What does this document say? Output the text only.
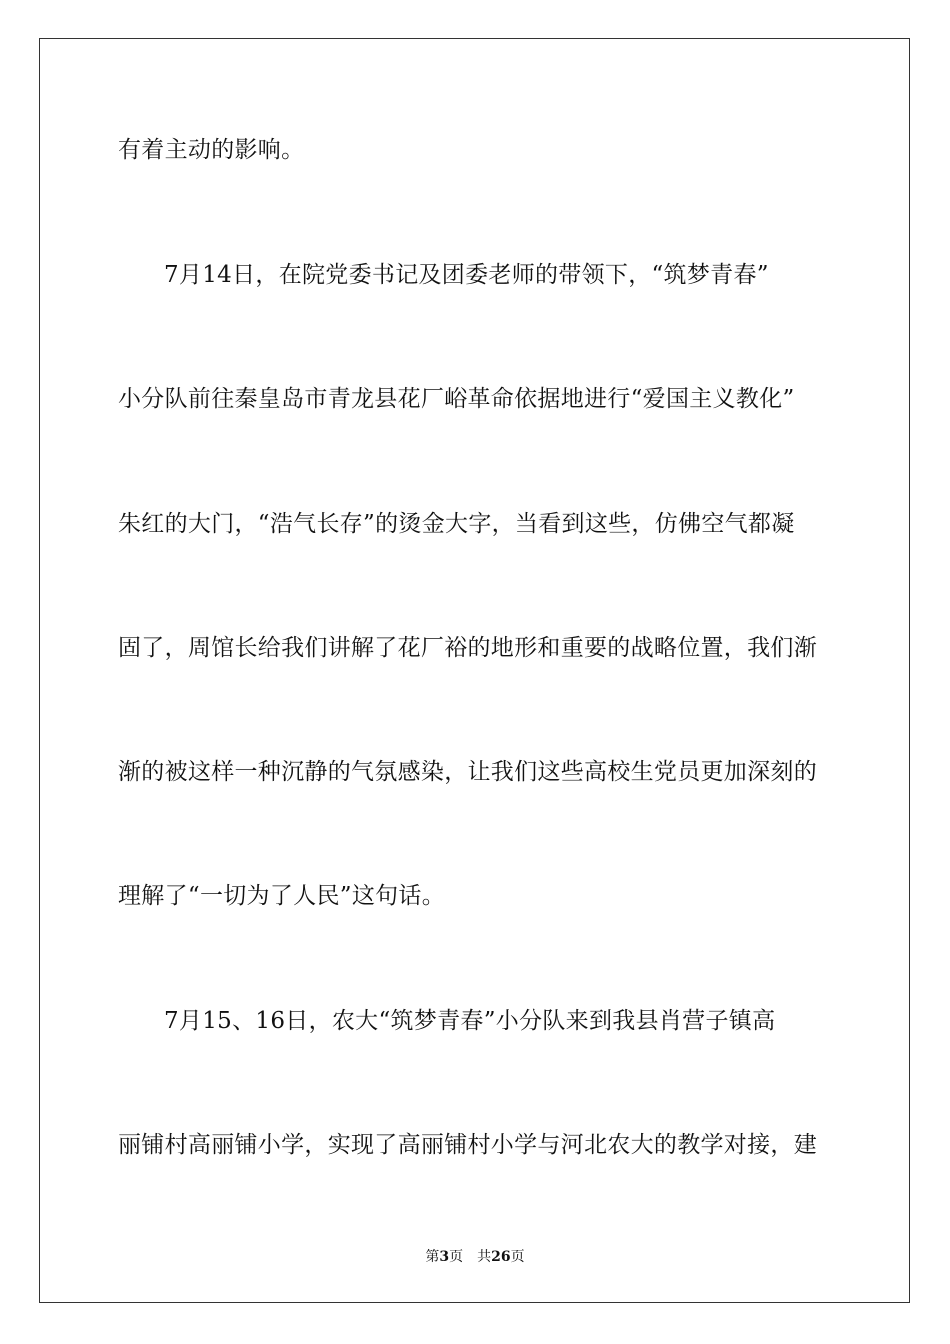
有着主动的影响。
7月14日，在院党委书记及团委老师的带领下，“筑梦青春”
小分队前往秦皇岛市青龙县花厂峪革命依据地进行“爱国主义教化”
朱红的大门，“浩气长存”的烫金大字，当看到这些，仿佛空气都凝
固了，周馆长给我们讲解了花厂裕的地形和重要的战略位置，我们渐
渐的被这样一种沉静的气氛感染，让我们这些高校生党员更加深刻的
理解了“一切为了人民”这句话。
7月15、16日，农大“筑梦青春”小分队来到我县肖营子镇高
丽铺村高丽铺小学，实现了高丽铺村小学与河北农大的教学对接，建
第3页 共26页
